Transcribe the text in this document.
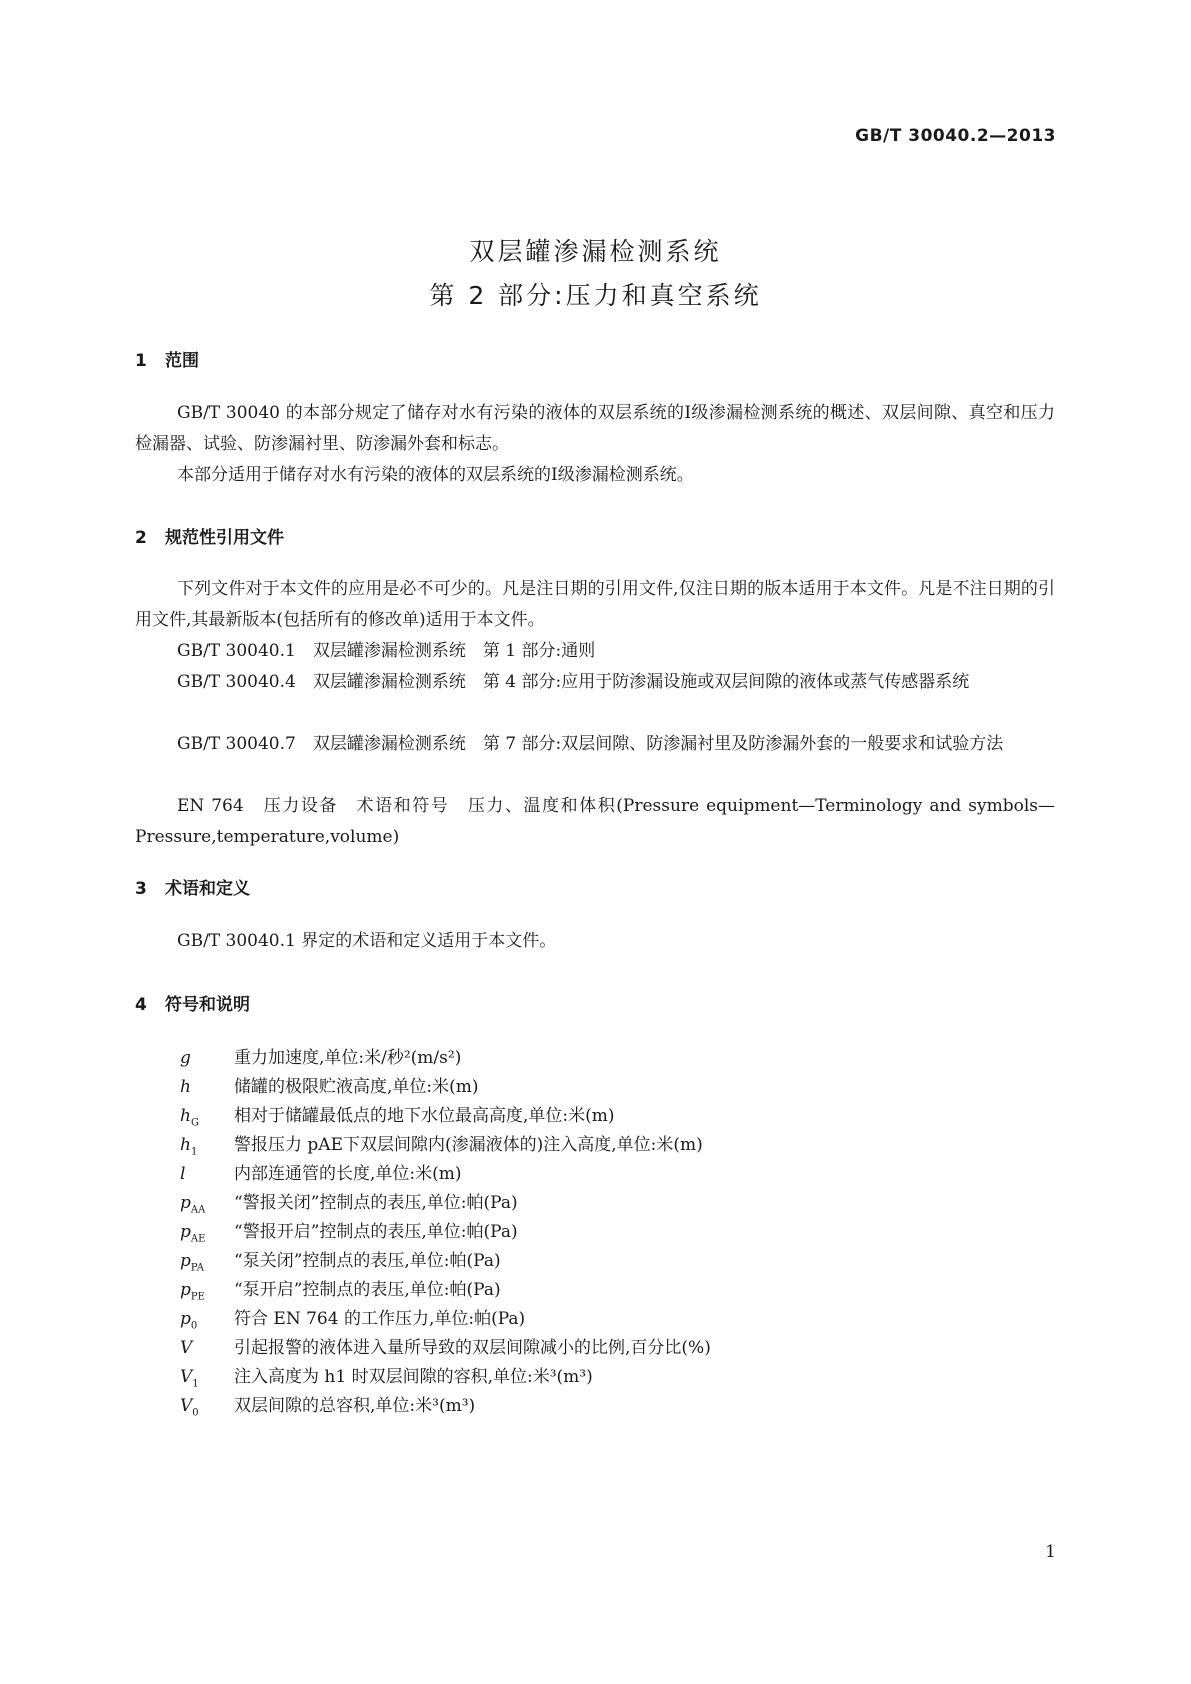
GB/T 30040.2—2013
双层罐渗漏检测系统
第 2 部分:压力和真空系统
1 范围

GB/T 30040 的本部分规定了储存对水有污染的液体的双层系统的Ⅰ级渗漏检测系统的概述、双层间隙、真空和压力检漏器、试验、防渗漏衬里、防渗漏外套和标志。

本部分适用于储存对水有污染的液体的双层系统的Ⅰ级渗漏检测系统。

2 规范性引用文件

下列文件对于本文件的应用是必不可少的。凡是注日期的引用文件,仅注日期的版本适用于本文件。凡是不注日期的引用文件,其最新版本(包括所有的修改单)适用于本文件。

GB/T 30040.1　双层罐渗漏检测系统　第 1 部分:通则

GB/T 30040.4　双层罐渗漏检测系统　第 4 部分:应用于防渗漏设施或双层间隙的液体或蒸气传感器系统

GB/T 30040.7　双层罐渗漏检测系统　第 7 部分:双层间隙、防渗漏衬里及防渗漏外套的一般要求和试验方法

EN 764　压力设备　术语和符号　压力、温度和体积(Pressure equipment—Terminology and symbols—Pressure,temperature,volume)

3 术语和定义

GB/T 30040.1 界定的术语和定义适用于本文件。

4 符号和说明
g	重力加速度,单位:米/秒²(m/s²)
h	储罐的极限贮液高度,单位:米(m)
$h_G$	相对于储罐最低点的地下水位最高高度,单位:米(m)
$h_1$	警报压力 pAE下双层间隙内(渗漏液体的)注入高度,单位:米(m)
l	内部连通管的长度,单位:米(m)
$p_{AA}$	“警报关闭”控制点的表压,单位:帕(Pa)
$p_{AE}$	“警报开启”控制点的表压,单位:帕(Pa)
$p_{PA}$	“泵关闭”控制点的表压,单位:帕(Pa)
$p_{PE}$	“泵开启”控制点的表压,单位:帕(Pa)
$p_0$	符合 EN 764 的工作压力,单位:帕(Pa)
V	引起报警的液体进入量所导致的双层间隙减小的比例,百分比(%)
$V_1$	注入高度为 h1 时双层间隙的容积,单位:米³(m³)
$V_0$	双层间隙的总容积,单位:米³(m³)
1
